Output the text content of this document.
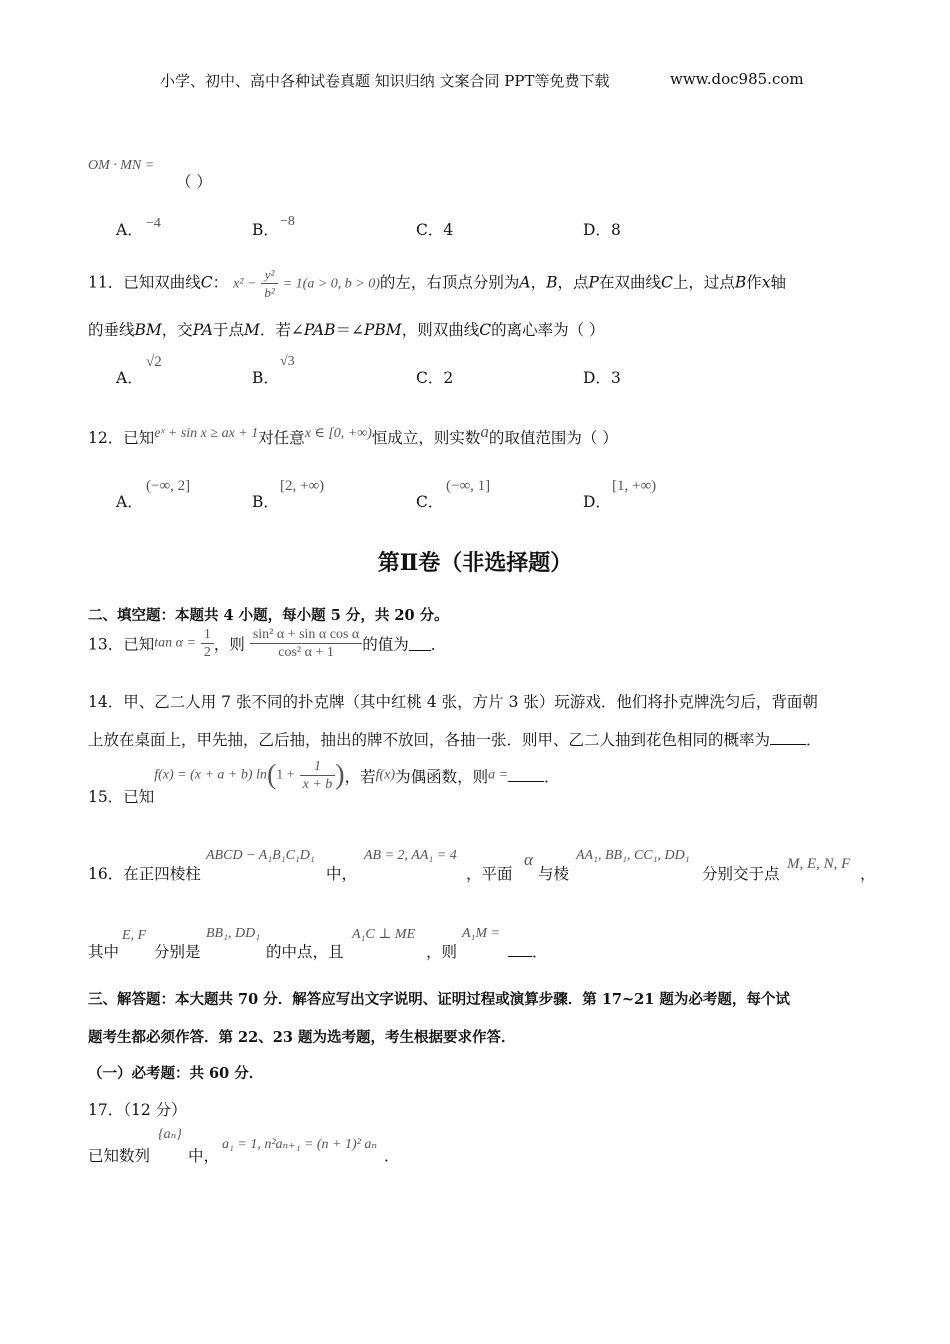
小学、初中、高中各种试卷真题 知识归纳 文案合同 PPT等免费下载	www.doc985.com
OM · MN =
（ ）
A． −4	B． −8	C．4	D．8
11．已知双曲线C： $x^2 - \frac{\text{y²}}{\text{b²}} = 1(a > 0$, b > 0)的左，右顶点分别为A，B，点P在双曲线C上，过点B作x轴
的垂线BM，交PA于点M．若∠PAB＝∠PBM，则双曲线C的离心率为（ ）
A．
√2
B．
√3
C．2	D．3
12．已知eˣ + sin x ≥ ax + 1对任意x ∈ [0, +∞)恒成立，则实数a的取值范围为（ ）
A．
(−∞, 2]
B．
[2, +∞)
C．
(−∞, 1]
D．
[1, +∞)
第Ⅱ卷（非选择题）
二、填空题：本题共 4 小题，每小题 5 分，共 20 分。
13．已知$\tan \alpha = \frac{1}{2}$ ，则 $\frac{\text{sin² α + sin α cos α}}{\text{cos² α + 1}}$ 的值为 ．
14．甲、乙二人用 7 张不同的扑克牌（其中红桃 4 张，方片 3 张）玩游戏．他们将扑克牌洗匀后，背面朝
上放在桌面上，甲先抽，乙后抽，抽出的牌不放回，各抽一张．则甲、乙二人抽到花色相同的概率为 ．
15．已知f(x) = (x + a + b) $\ln(1 + \frac{1}{x + b}$ )，若f(x)为偶函数，则a = ．
16．在正四棱柱
ABCD − A₁B₁C₁D₁
中，
AB = 2, AA₁ = 4
，平面
α
与棱
AA₁, BB₁, CC₁, DD₁
分别交于点
M, E, N, F
，
其中
E, F
分别是
BB₁, DD₁
的中点，且
A₁C ⊥ ME
，则
A₁M =
．
三、解答题：本大题共 70 分．解答应写出文字说明、证明过程或演算步骤．第 17~21 题为必考题，每个试
题考生都必须作答．第 22、23 题为选考题，考生根据要求作答．
（一）必考题：共 60 分．
17．（12 分）
已知数列
{aₙ}
中，
a₁ = 1, n²aₙ₊₁ = (n + 1)² aₙ
．
